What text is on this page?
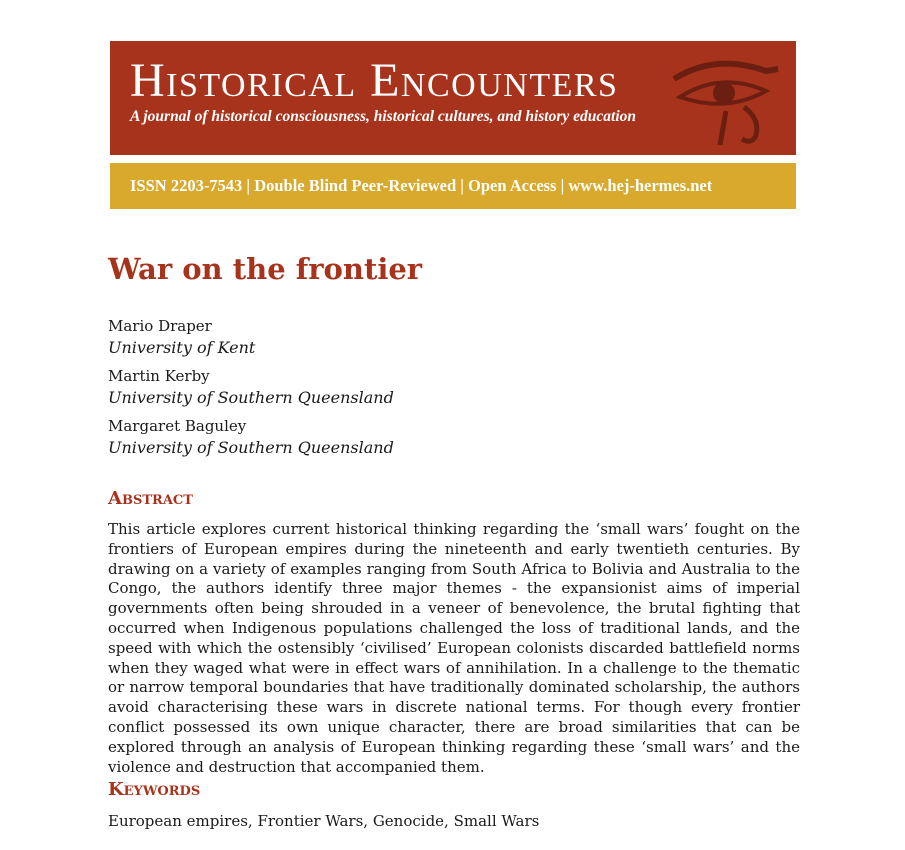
Historical Encounters
A journal of historical consciousness, historical cultures, and history education
ISSN 2203-7543 | Double Blind Peer-Reviewed | Open Access | www.hej-hermes.net
War on the frontier
Mario Draper
University of Kent
Martin Kerby
University of Southern Queensland
Margaret Baguley
University of Southern Queensland
Abstract

This article explores current historical thinking regarding the ‘small wars’ fought on the frontiers of European empires during the nineteenth and early twentieth centuries. By drawing on a variety of examples ranging from South Africa to Bolivia and Australia to the Congo, the authors identify three major themes - the expansionist aims of imperial governments often being shrouded in a veneer of benevolence, the brutal fighting that occurred when Indigenous populations challenged the loss of traditional lands, and the speed with which the ostensibly ‘civilised’ European colonists discarded battlefield norms when they waged what were in effect wars of annihilation. In a challenge to the thematic or narrow temporal boundaries that have traditionally dominated scholarship, the authors avoid characterising these wars in discrete national terms. For though every frontier conflict possessed its own unique character, there are broad similarities that can be explored through an analysis of European thinking regarding these ‘small wars’ and the violence and destruction that accompanied them.

Keywords
European empires, Frontier Wars, Genocide, Small Wars
